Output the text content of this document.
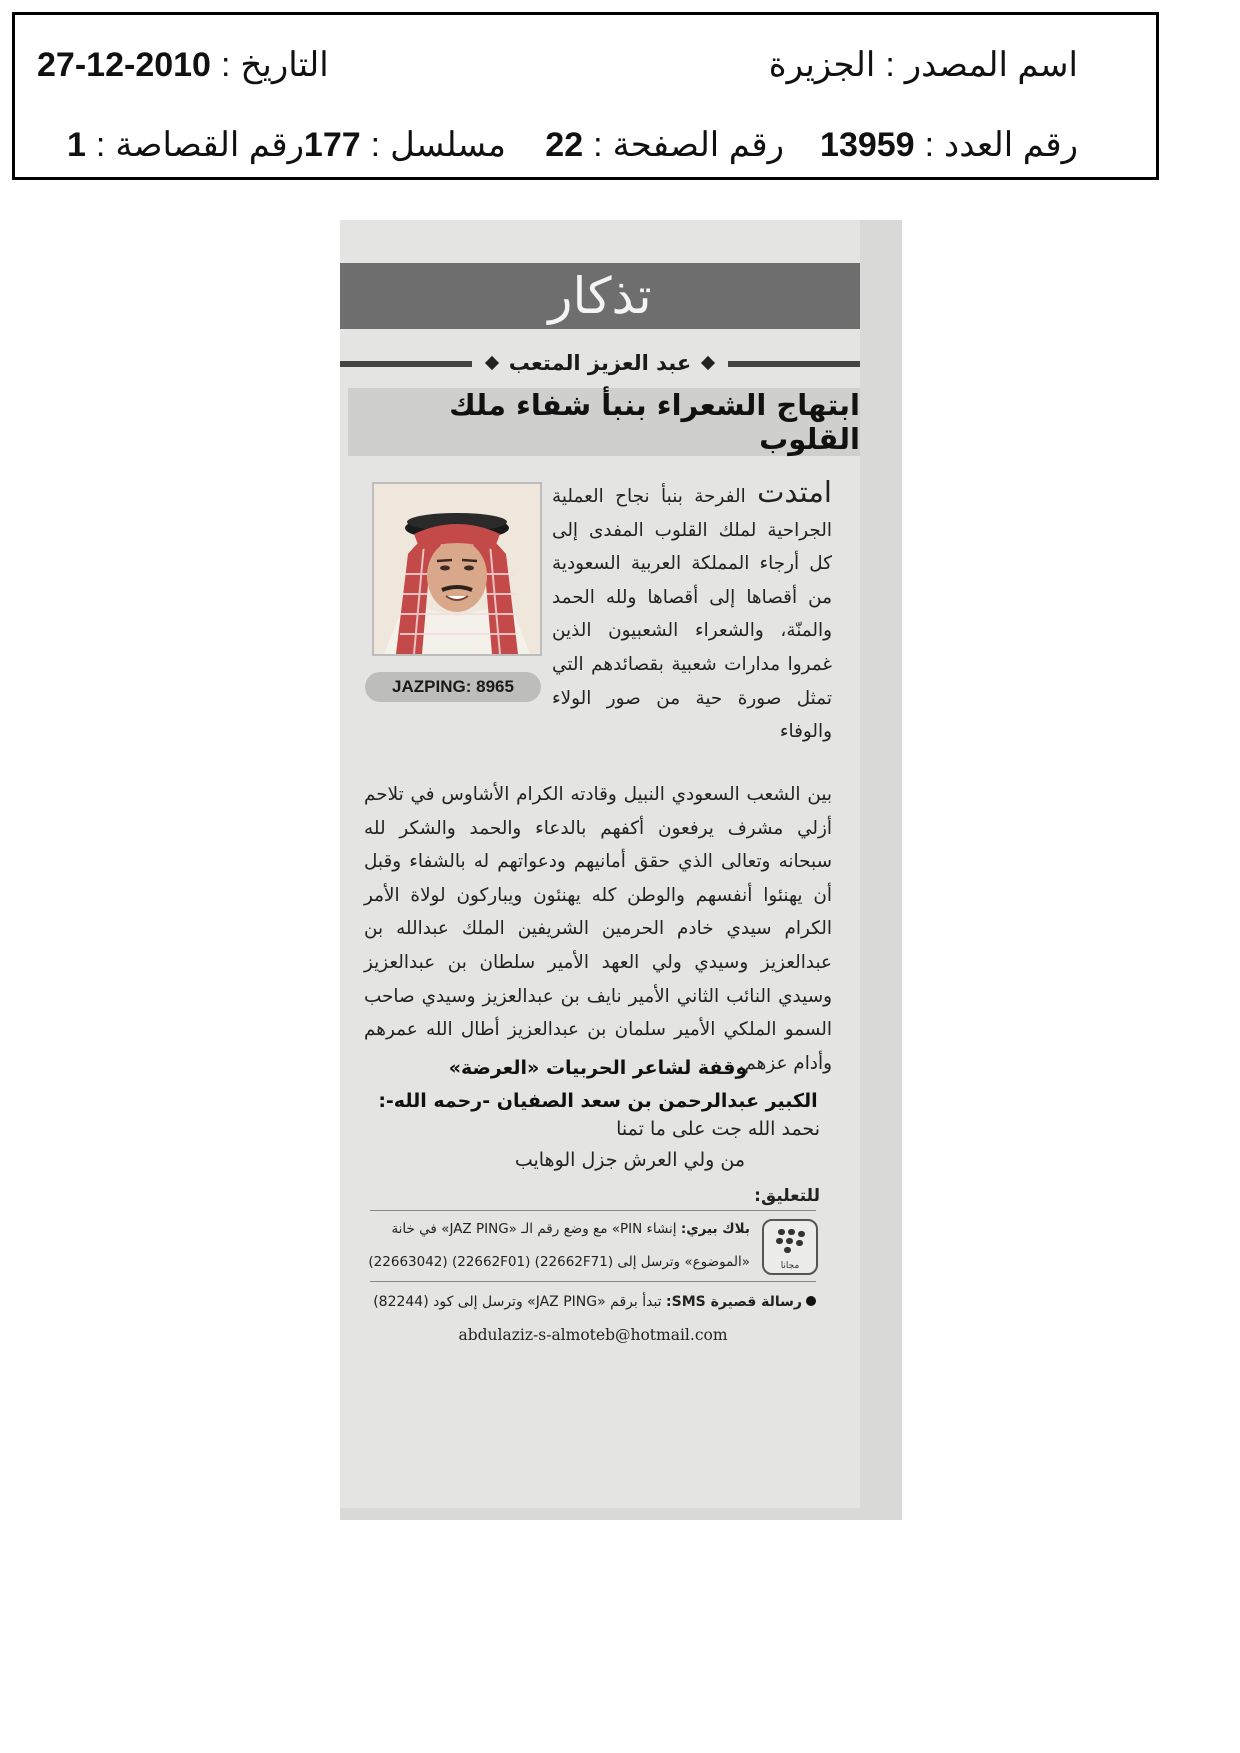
اسم المصدر:الجزيرة
التاريخ:2010-12-27
رقم العدد:13959
رقم الصفحة:22
مسلسل:177
رقم القصاصة:1
تذكار
عبد العزيز المتعب
ابتهاج الشعراء بنبأ شفاء ملك القلوب
JAZPING: 8965
امتدت الفرحة بنبأ نجاح العملية الجراحية لملك القلوب المفدى إلى كل أرجاء المملكة العربية السعودية من أقصاها إلى أقصاها ولله الحمد والمنّة، والشعراء الشعبيون الذين غمروا مدارات شعبية بقصائدهم التي تمثل صورة حية من صور الولاء والوفاء
بين الشعب السعودي النبيل وقادته الكرام الأشاوس في تلاحم أزلي مشرف يرفعون أكفهم بالدعاء والحمد والشكر لله سبحانه وتعالى الذي حقق أمانيهم ودعواتهم له بالشفاء وقبل أن يهنئوا أنفسهم والوطن كله يهنئون ويباركون لولاة الأمر الكرام سيدي خادم الحرمين الشريفين الملك عبدالله بن عبدالعزيز وسيدي ولي العهد الأمير سلطان بن عبدالعزيز وسيدي النائب الثاني الأمير نايف بن عبدالعزيز وسيدي صاحب السمو الملكي الأمير سلمان بن عبدالعزيز أطال الله عمرهم وأدام عزهم.
وقفة لشاعر الحربيات «العرضة»
الكبير عبدالرحمن بن سعد الصفيان -رحمه الله-:
نحمد الله جت على ما تمنا
من ولي العرش جزل الوهايب
للتعليق:
مجانا
بلاك بيري: إنشاء PIN» مع وضع رقم الـ «JAZ PING» في خانة
«الموضوع» وترسل إلى (22662F71) (22662F01) (22663042)
رسالة قصيرة SMS: تبدأ برقم «JAZ PING» وترسل إلى كود (82244)
abdulaziz-s-almoteb@hotmail.com
